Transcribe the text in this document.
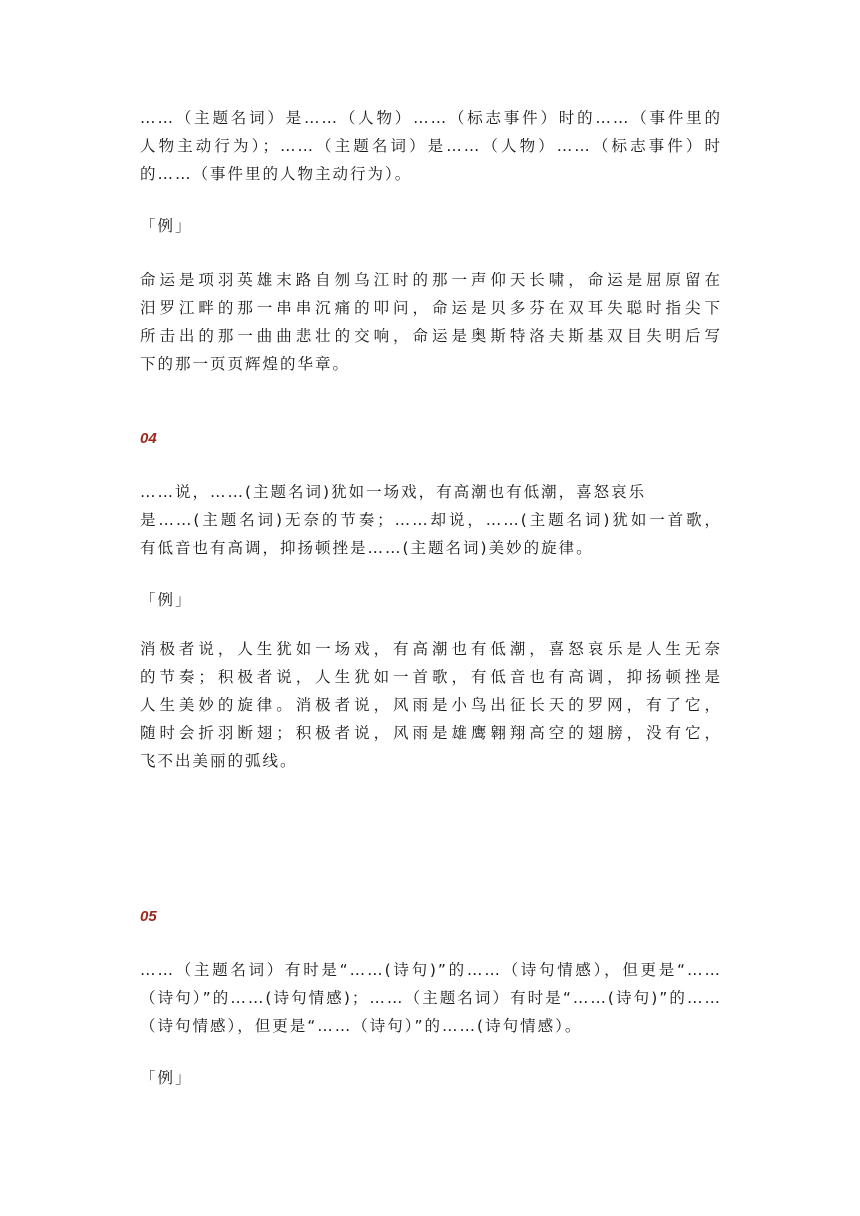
……（主题名词）是……（人物）……（标志事件）时的……（事件里的
人物主动行为）；……（主题名词）是……（人物）……（标志事件）时
的……（事件里的人物主动行为）。
「例」
命运是项羽英雄末路自刎乌江时的那一声仰天长啸，命运是屈原留在
汨罗江畔的那一串串沉痛的叩问，命运是贝多芬在双耳失聪时指尖下
所击出的那一曲曲悲壮的交响，命运是奥斯特洛夫斯基双目失明后写
下的那一页页辉煌的华章。
04
……说，……(主题名词)犹如一场戏，有高潮也有低潮，喜怒哀乐
是……(主题名词)无奈的节奏；……却说，……(主题名词)犹如一首歌，
有低音也有高调，抑扬顿挫是……(主题名词)美妙的旋律。
「例」
消极者说，人生犹如一场戏，有高潮也有低潮，喜怒哀乐是人生无奈
的节奏；积极者说，人生犹如一首歌，有低音也有高调，抑扬顿挫是
人生美妙的旋律。消极者说，风雨是小鸟出征长天的罗网，有了它，
随时会折羽断翅；积极者说，风雨是雄鹰翱翔高空的翅膀，没有它，
飞不出美丽的弧线。
05
……（主题名词）有时是“……(诗句)”的……（诗句情感），但更是“……
（诗句）”的……(诗句情感)；……（主题名词）有时是“……(诗句)”的……
（诗句情感），但更是“……（诗句）”的……(诗句情感）。
「例」
